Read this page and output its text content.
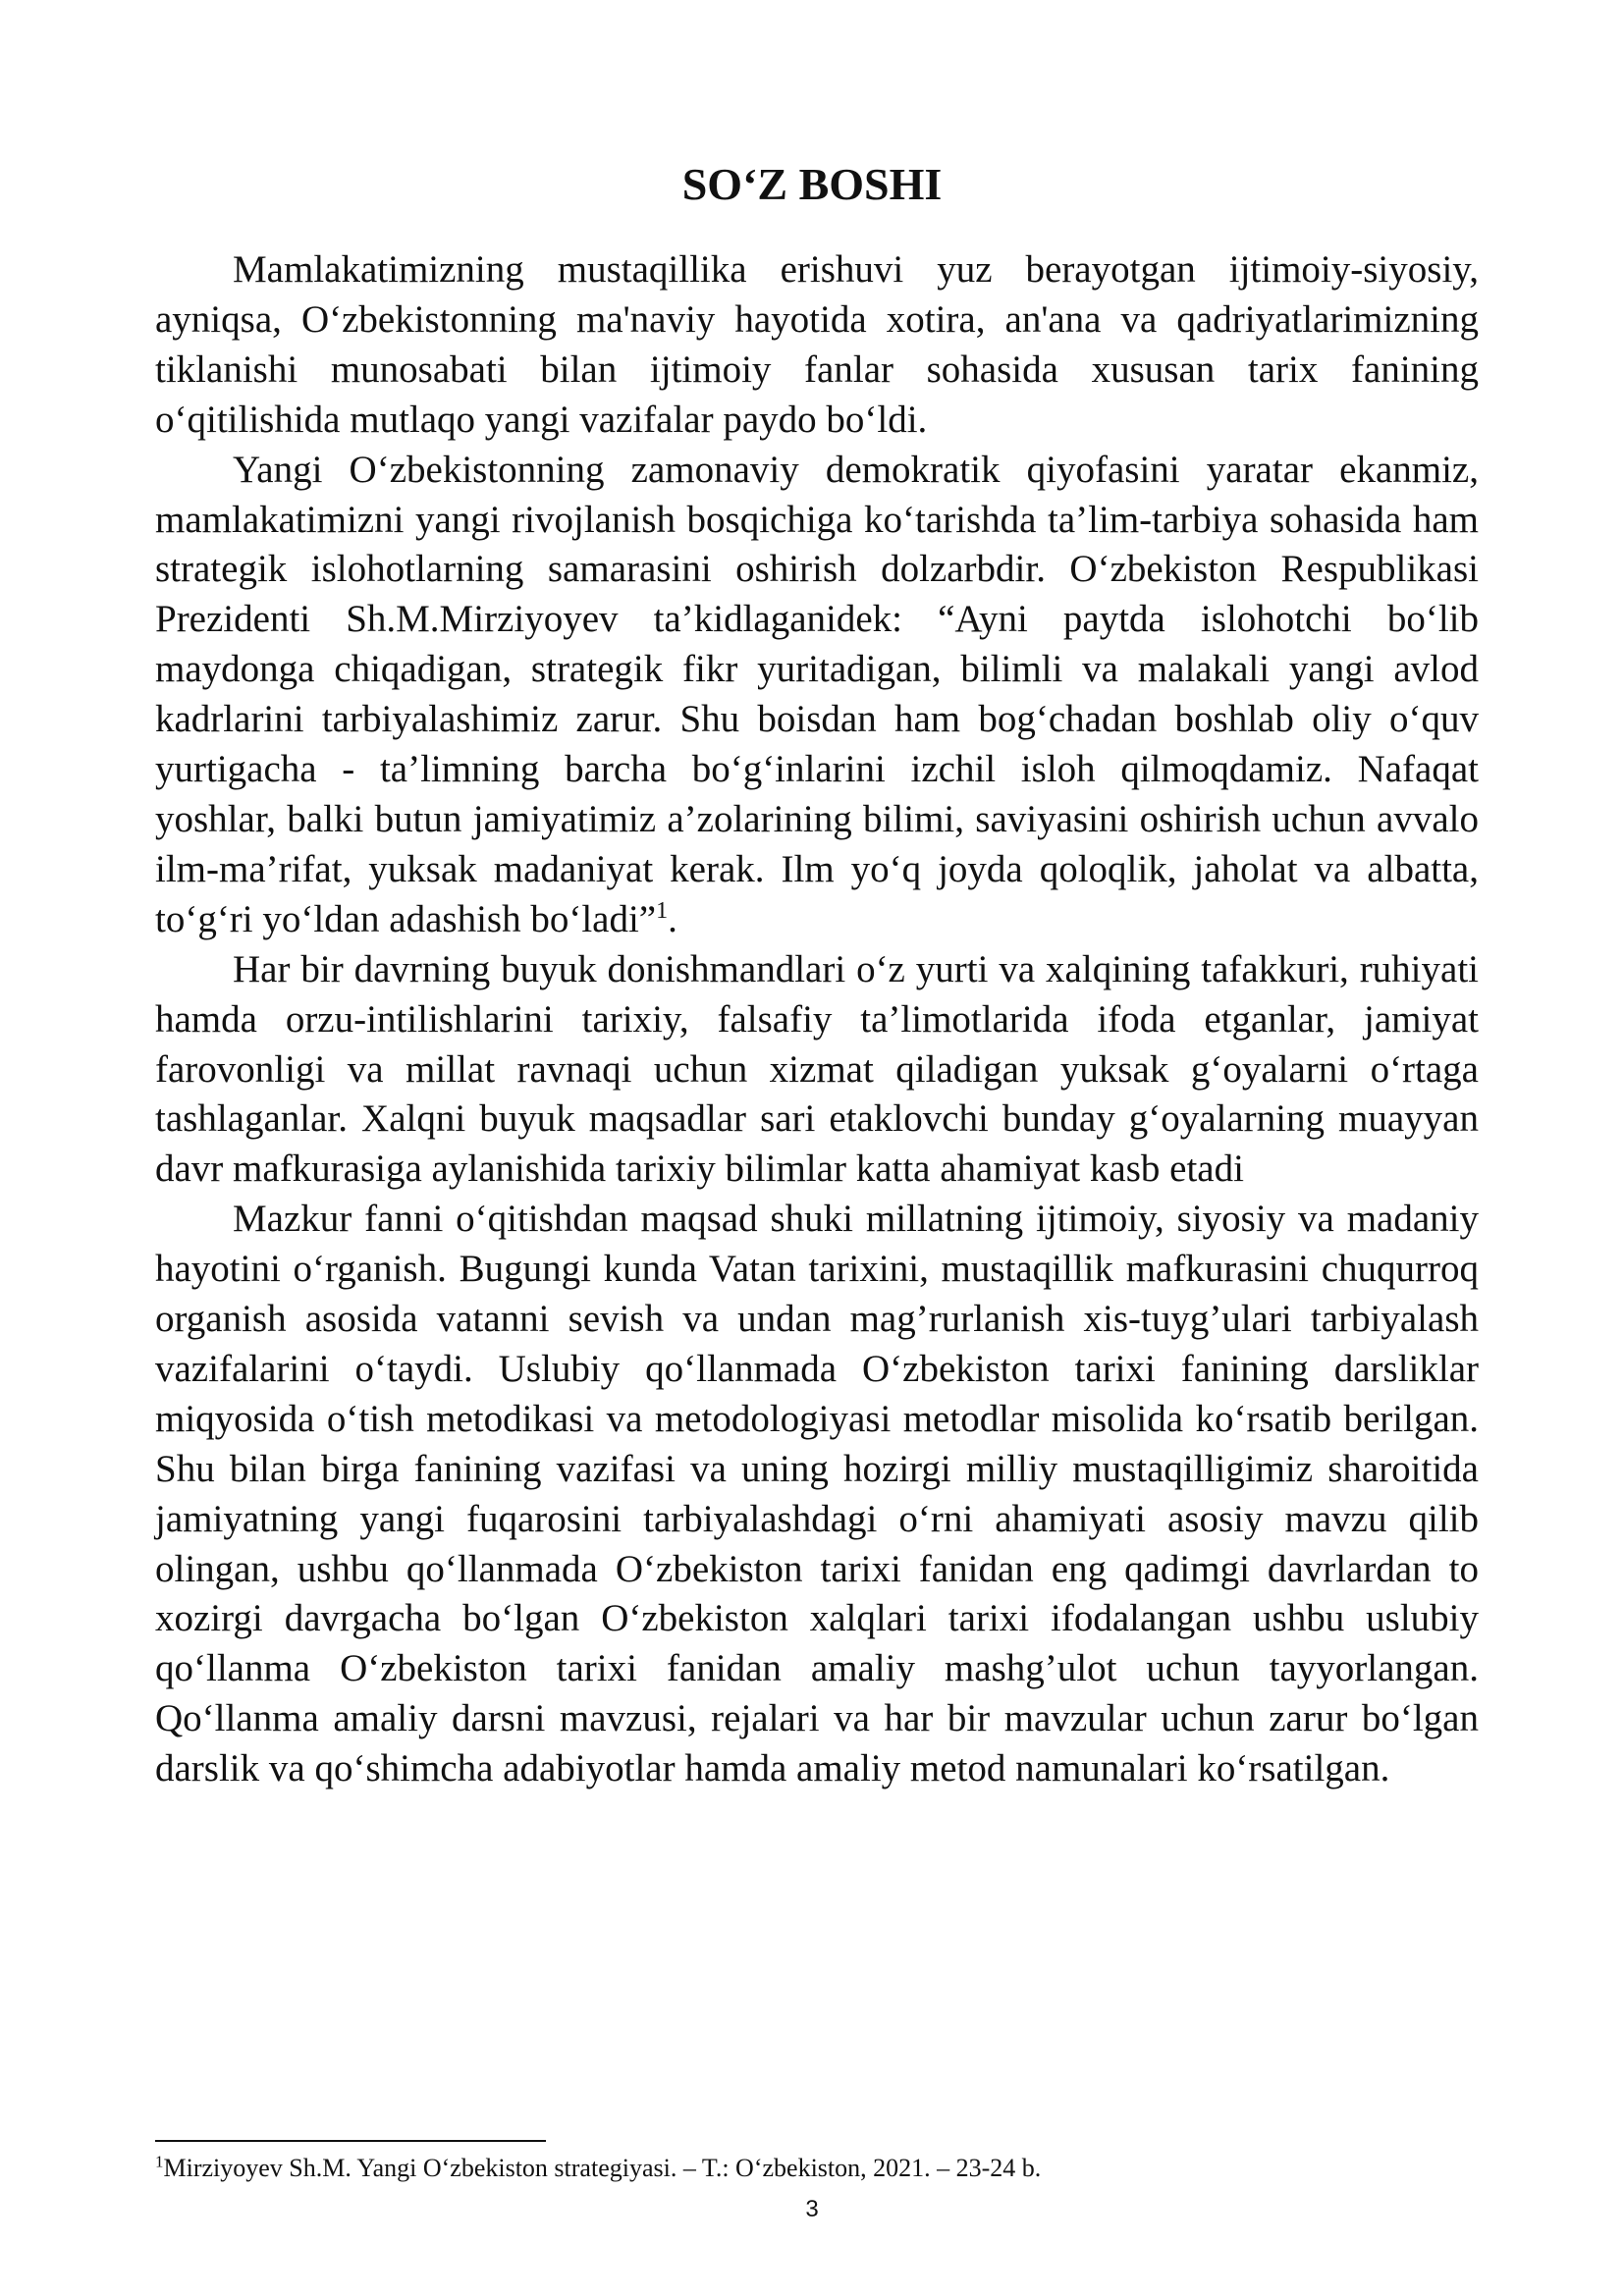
SO‘Z BOSHI

Mamlakatimizning mustaqillika erishuvi yuz berayotgan ijtimoiy-siyosiy, ayniqsa, O‘zbekistonning ma'naviy hayotida xotira, an'ana va qadriyatlarimizning tiklanishi munosabati bilan ijtimoiy fanlar sohasida xususan tarix fanining o‘qitilishida mutlaqo yangi vazifalar paydo bo‘ldi.

Yangi O‘zbekistonning zamonaviy demokratik qiyofasini yaratar ekanmiz, mamlakatimizni yangi rivojlanish bosqichiga ko‘tarishda ta’lim-tarbiya sohasida ham strategik islohotlarning samarasini oshirish dolzarbdir. O‘zbekiston Respublikasi Prezidenti Sh.M.Mirziyoyev ta’kidlaganidek: “Ayni paytda islohotchi bo‘lib maydonga chiqadigan, strategik fikr yuritadigan, bilimli va malakali yangi avlod kadrlarini tarbiyalashimiz zarur. Shu boisdan ham bog‘chadan boshlab oliy o‘quv yurtigacha - ta’limning barcha bo‘g‘inlarini izchil isloh qilmoqdamiz. Nafaqat yoshlar, balki butun jamiyatimiz a’zolarining bilimi, saviyasini oshirish uchun avvalo ilm-ma’rifat, yuksak madaniyat kerak. Ilm yo‘q joyda qoloqlik, jaholat va albatta, to‘g‘ri yo‘ldan adashish bo‘ladi”$^1$.

Har bir davrning buyuk donishmandlari o‘z yurti va xalqining tafakkuri, ruhiyati hamda orzu-intilishlarini tarixiy, falsafiy ta’limotlarida ifoda etganlar, jamiyat farovonligi va millat ravnaqi uchun xizmat qiladigan yuksak g‘oyalarni o‘rtaga tashlaganlar. Xalqni buyuk maqsadlar sari etaklovchi bunday g‘oyalarning muayyan davr mafkurasiga aylanishida tarixiy bilimlar katta ahamiyat kasb etadi

Mazkur fanni o‘qitishdan maqsad shuki millatning ijtimoiy, siyosiy va madaniy hayotini o‘rganish. Bugungi kunda Vatan tarixini, mustaqillik mafkurasini chuqurroq organish asosida vatanni sevish va undan mag’rurlanish xis-tuyg’ulari tarbiyalash vazifalarini o‘taydi. Uslubiy qo‘llanmada O‘zbekiston tarixi fanining darsliklar miqyosida o‘tish metodikasi va metodologiyasi metodlar misolida ko‘rsatib berilgan. Shu bilan birga fanining vazifasi va uning hozirgi milliy mustaqilligimiz sharoitida jamiyatning yangi fuqarosini tarbiyalashdagi o‘rni ahamiyati asosiy mavzu qilib olingan, ushbu qo‘llanmada O‘zbekiston tarixi fanidan eng qadimgi davrlardan to xozirgi davrgacha bo‘lgan O‘zbekiston xalqlari tarixi ifodalangan ushbu uslubiy qo‘llanma O‘zbekiston tarixi fanidan amaliy mashg’ulot uchun tayyorlangan. Qo‘llanma amaliy darsni mavzusi, rejalari va har bir mavzular uchun zarur bo‘lgan darslik va qo‘shimcha adabiyotlar hamda amaliy metod namunalari ko‘rsatilgan.

$^1$Mirziyoyev Sh.M. Yangi O‘zbekiston strategiyasi. – T.: O‘zbekiston, 2021. – 23-24 b.

3
